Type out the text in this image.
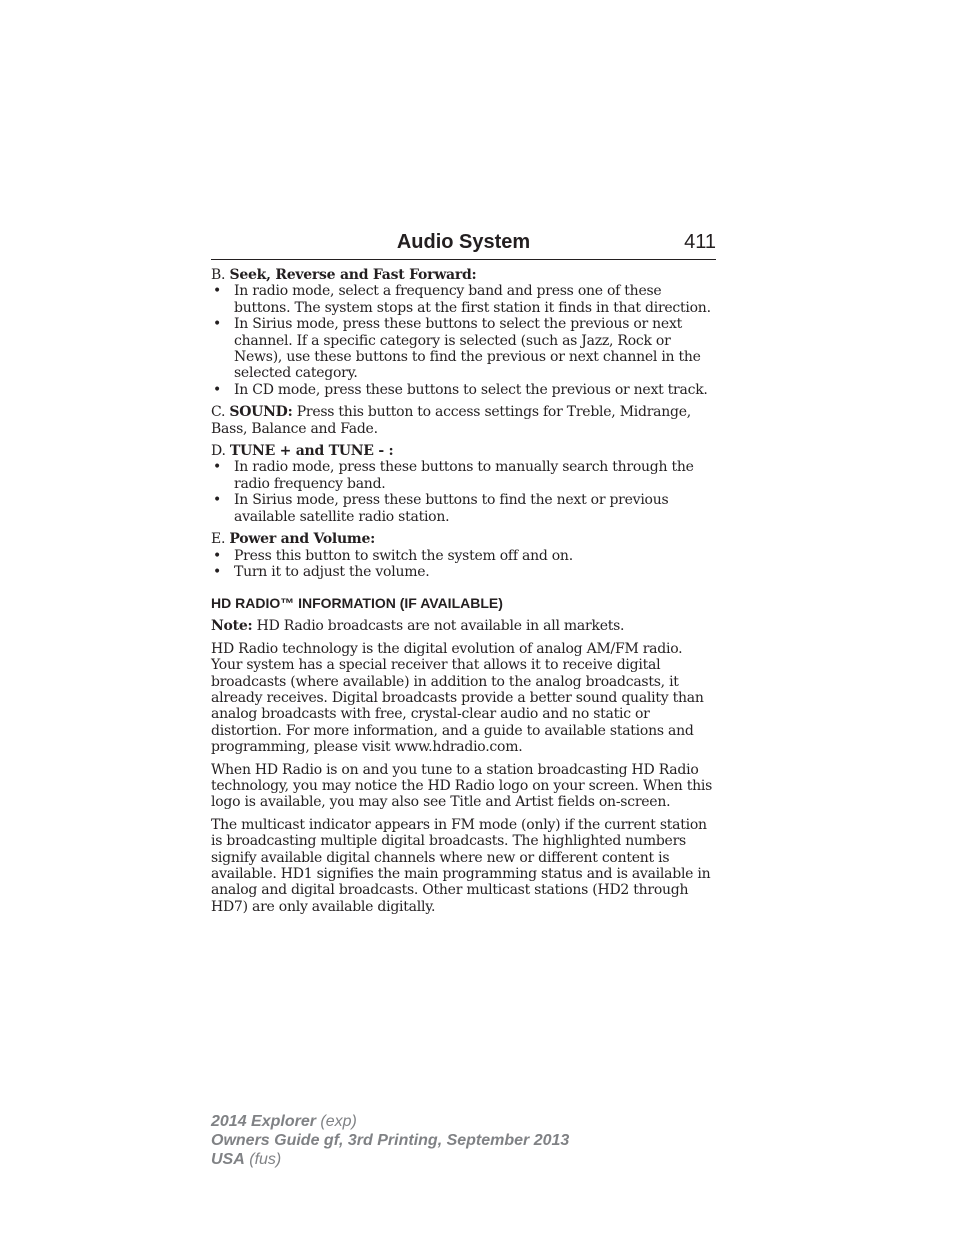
Audio System	411

B. Seek, Reverse and Fast Forward:

• In radio mode, select a frequency band and press one of these buttons. The system stops at the first station it finds in that direction.
• In Sirius mode, press these buttons to select the previous or next channel. If a specific category is selected (such as Jazz, Rock or News), use these buttons to find the previous or next channel in the selected category.
• In CD mode, press these buttons to select the previous or next track.

C. SOUND: Press this button to access settings for Treble, Midrange, Bass, Balance and Fade.

D. TUNE + and TUNE - :

• In radio mode, press these buttons to manually search through the radio frequency band.
• In Sirius mode, press these buttons to find the next or previous available satellite radio station.

E. Power and Volume:

• Press this button to switch the system off and on.
• Turn it to adjust the volume.
HD RADIO™ INFORMATION (IF AVAILABLE)

Note: HD Radio broadcasts are not available in all markets.

HD Radio technology is the digital evolution of analog AM/FM radio. Your system has a special receiver that allows it to receive digital broadcasts (where available) in addition to the analog broadcasts, it already receives. Digital broadcasts provide a better sound quality than analog broadcasts with free, crystal-clear audio and no static or distortion. For more information, and a guide to available stations and programming, please visit www.hdradio.com.

When HD Radio is on and you tune to a station broadcasting HD Radio technology, you may notice the HD Radio logo on your screen. When this logo is available, you may also see Title and Artist fields on-screen.

The multicast indicator appears in FM mode (only) if the current station is broadcasting multiple digital broadcasts. The highlighted numbers signify available digital channels where new or different content is available. HD1 signifies the main programming status and is available in analog and digital broadcasts. Other multicast stations (HD2 through HD7) are only available digitally.

2014 Explorer (exp)
Owners Guide gf, 3rd Printing, September 2013
USA (fus)
